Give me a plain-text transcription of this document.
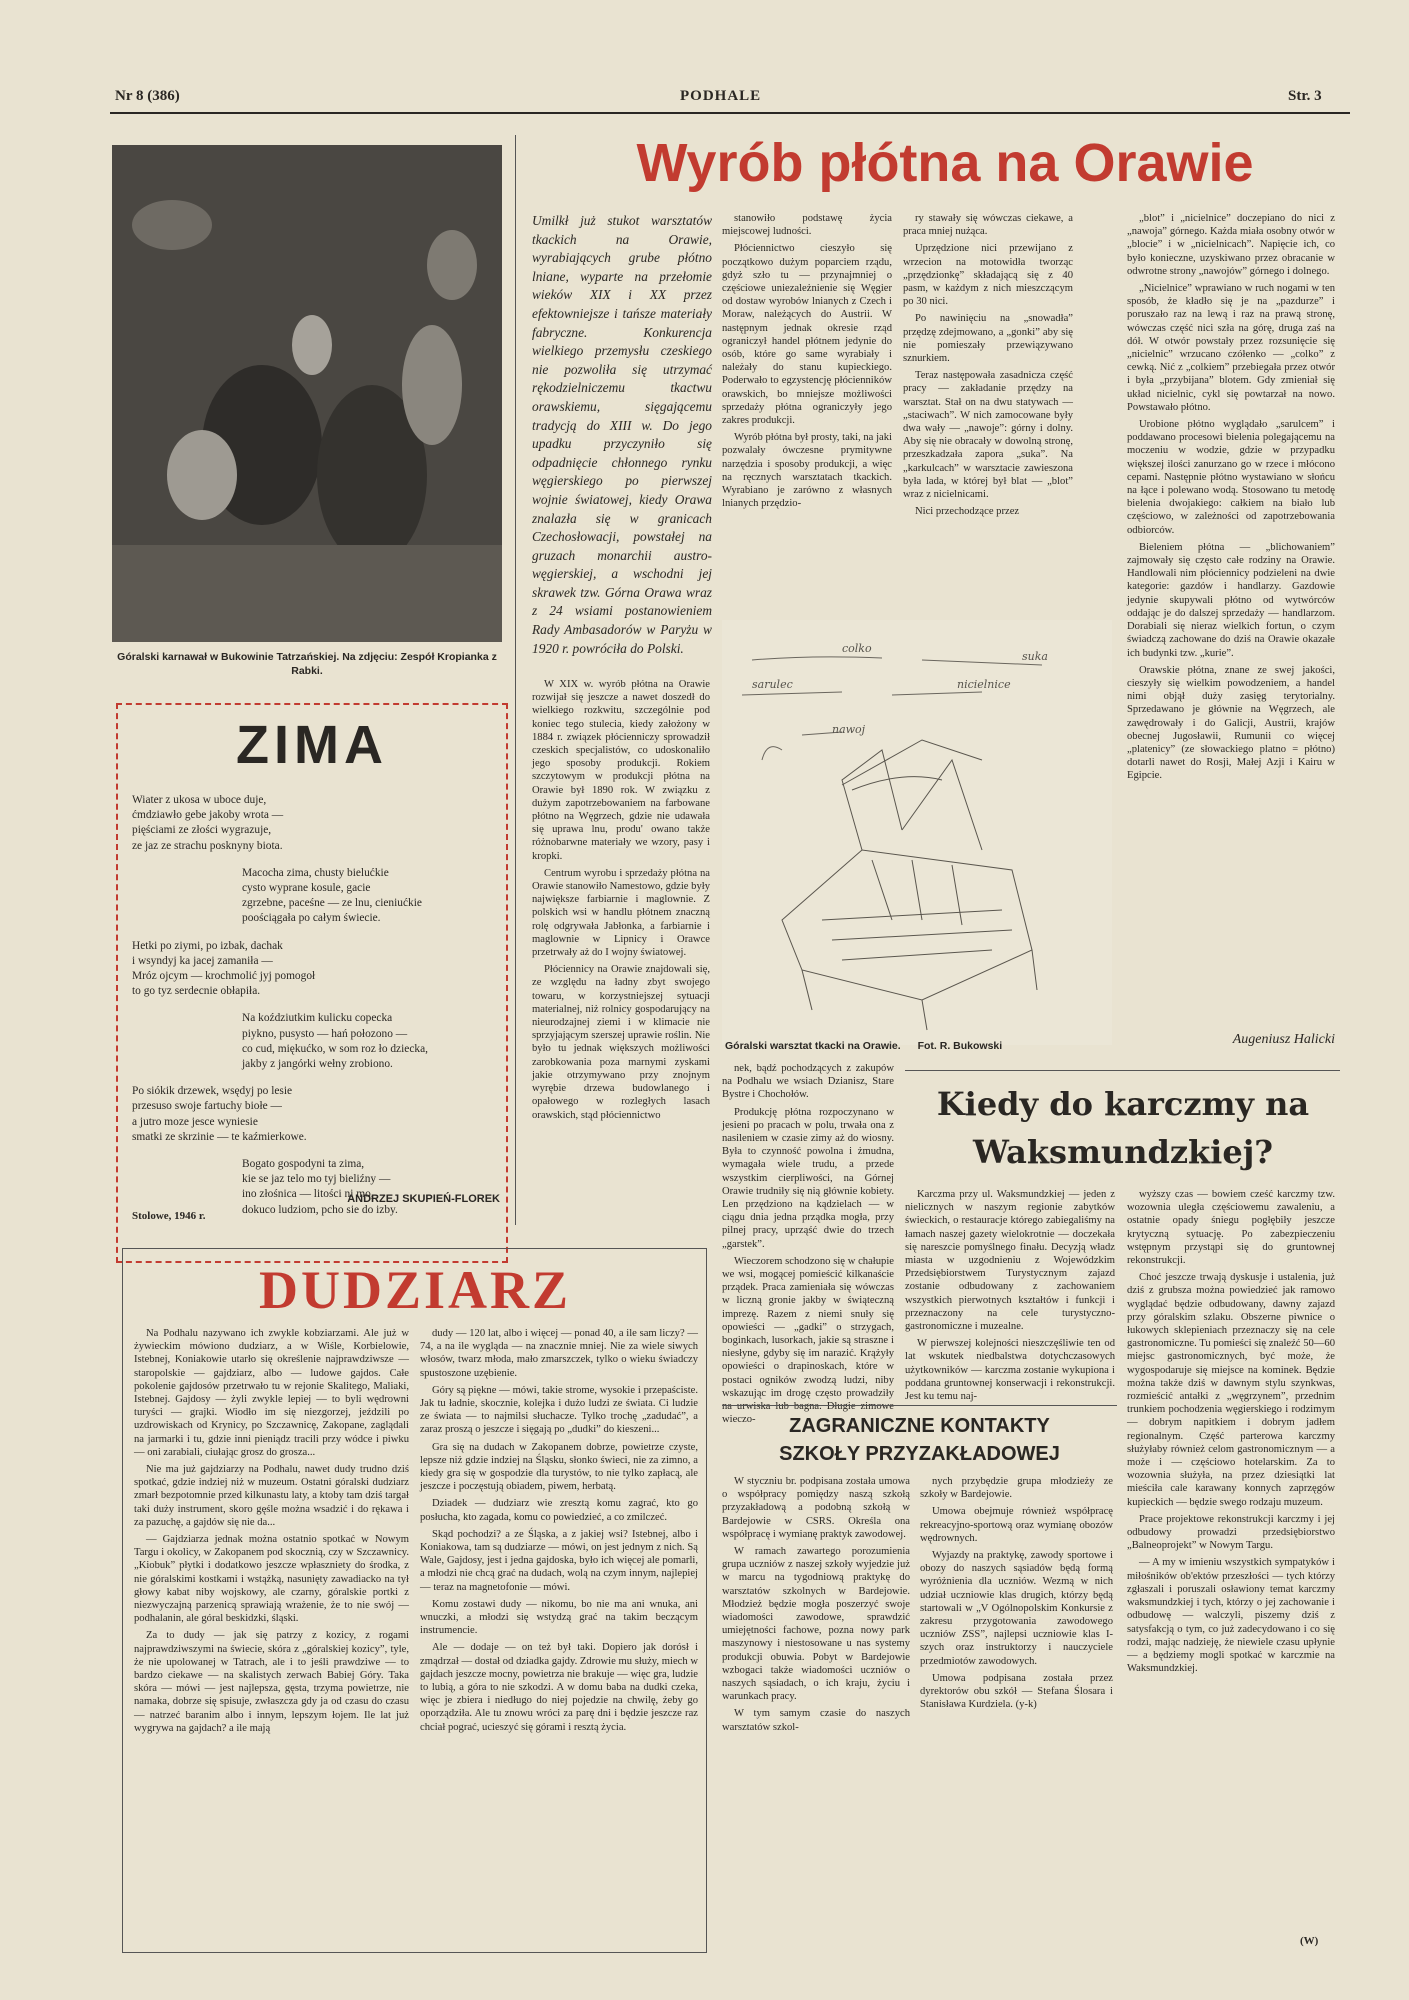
Nr 8 (386)	PODHALE	Str. 3
Góralski karnawał w Bukowinie Tatrzańskiej. Na zdjęciu: Zespół Kropianka z Rabki.
Wyrób płótna na Orawie
Umilkł już stukot warsztatów tkackich na Orawie, wyrabiających grube płótno lniane, wyparte na przełomie wieków XIX i XX przez efektowniejsze i tańsze materiały fabryczne. Konkurencja wielkiego przemysłu czeskiego nie pozwoliła się utrzymać rękodzielniczemu tkactwu orawskiemu, sięgającemu tradycją do XIII w. Do jego upadku przyczyniło się odpadnięcie chłonnego rynku węgierskiego po pierwszej wojnie światowej, kiedy Orawa znalazła się w granicach Czechosłowacji, powstałej na gruzach monarchii austro-węgierskiej, a wschodni jej skrawek tzw. Górna Orawa wraz z 24 wsiami postanowieniem Rady Ambasadorów w Paryżu w 1920 r. powróciła do Polski.

W XIX w. wyrób płótna na Orawie rozwijał się jeszcze a nawet doszedł do wielkiego rozkwitu, szczególnie pod koniec tego stulecia, kiedy założony w 1884 r. związek płócienniczy sprowadził czeskich specjalistów, co udoskonaliło jego sposoby produkcji. Rokiem szczytowym w produkcji płótna na Orawie był 1890 rok. W związku z dużym zapotrzebowaniem na farbowane płótno na Węgrzech, gdzie nie udawała się uprawa lnu, produ' owano także różnobarwne materiały we wzory, pasy i kropki.

Centrum wyrobu i sprzedaży płótna na Orawie stanowiło Namestowo, gdzie były największe farbiarnie i maglownie. Z polskich wsi w handlu płótnem znaczną rolę odgrywała Jabłonka, a farbiarnie i maglownie w Lipnicy i Orawce przetrwały aż do I wojny światowej.

Płóciennicy na Orawie znajdowali się, ze względu na ładny zbyt swojego towaru, w korzystniejszej sytuacji materialnej, niż rolnicy gospodarujący na nieurodzajnej ziemi i w klimacie nie sprzyjającym szerszej uprawie roślin. Nie było tu jednak większych możliwości zarobkowania poza marnymi zyskami jakie otrzymywano przy znojnym wyrębie drzewa budowlanego i opałowego w rozległych lasach orawskich, stąd płóciennictwo

stanowiło podstawę życia miejscowej ludności.

Płóciennictwo cieszyło się początkowo dużym poparciem rządu, gdyż szło tu — przynajmniej o częściowe uniezależnienie się Węgier od dostaw wyrobów lnianych z Czech i Moraw, należących do Austrii. W następnym jednak okresie rząd ograniczył handel płótnem jedynie do osób, które go same wyrabiały i należały do stanu kupieckiego. Poderwało to egzystencję płócienników orawskich, bo mniejsze możliwości sprzedaży płótna ograniczyły jego zakres produkcji.

Wyrób płótna był prosty, taki, na jaki pozwalały ówczesne prymitywne narzędzia i sposoby produkcji, a więc na ręcznych warsztatach tkackich. Wyrabiano je zarówno z własnych lnianych przędzio-

ry stawały się wówczas ciekawe, a praca mniej nużąca.

Uprzędzione nici przewijano z wrzecion na motowidła tworząc „przędzionkę” składającą się z 40 pasm, w każdym z nich mieszczącym po 30 nici.

Po nawinięciu na „snowadła” przędzę zdejmowano, a „gonki” aby się nie pomieszały przewiązywano sznurkiem.

Teraz następowała zasadnicza część pracy — zakładanie przędzy na warsztat. Stał on na dwu statywach — „staciwach”. W nich zamocowane były dwa wały — „nawoje”: górny i dolny. Aby się nie obracały w dowolną stronę, przeszkadzała zapora „suka”. Na „karkulcach” w warsztacie zawieszona była lada, w której był blat — „blot” wraz z nicielnicami.

Nici przechodzące przez

„blot” i „nicielnice” doczepiano do nici z „nawoja” górnego. Każda miała osobny otwór w „blocie” i w „nicielnicach”. Napięcie ich, co było konieczne, uzyskiwano przez obracanie w odwrotne strony „nawojów” górnego i dolnego.

„Nicielnice” wprawiano w ruch nogami w ten sposób, że kładło się je na „pazdurze” i poruszało raz na lewą i raz na prawą stronę, wówczas część nici szła na górę, druga zaś na dół. W otwór powstały przez rozsunięcie się „nicielnic” wrzucano czółenko — „colko” z cewką. Nić z „colkiem” przebiegała przez otwór i była „przybijana” blotem. Gdy zmieniał się układ nicielnic, cykl się powtarzał na nowo. Powstawało płótno.

Urobione płótno wyglądało „sarulcem” i poddawano procesowi bielenia polegającemu na moczeniu w wodzie, gdzie w przypadku większej ilości zanurzano go w rzece i młócono cepami. Następnie płótno wystawiano w słońcu na łące i polewano wodą. Stosowano tu metodę bielenia dwojakiego: całkiem na biało lub częściowo, w zależności od zapotrzebowania odbiorców.

Bieleniem płótna — „blichowaniem” zajmowały się często całe rodziny na Orawie. Handlowali nim płóciennicy podzieleni na dwie kategorie: gazdów i handlarzy. Gazdowie jedynie skupywali płótno od wytwórców oddając je do dalszej sprzedaży — handlarzom. Dorabiali się nieraz wielkich fortun, o czym świadczą zachowane do dziś na Orawie okazałe ich budynki tzw. „kurie”.

Orawskie płótna, znane ze swej jakości, cieszyły się wielkim powodzeniem, a handel nimi objął duży zasięg terytorialny. Sprzedawano je głównie na Węgrzech, ale zawędrowały i do Galicji, Austrii, krajów obecnej Jugosławii, Rumunii co więcej „platenicy” (ze słowackiego platno = płótno) dotarli nawet do Rosji, Małej Azji i Kairu w Egipcie.

Augeniusz Halicki
colko
suka
sarulec	nicielnice
nawoj
Góralski warsztat tkacki na Orawie. Fot. R. Bukowski
ZIMA
Wiater z ukosa w uboce duje,
ćmdziawło gebe jakoby wrota —
pięściami ze złości wygrazuje,
ze jaz ze strachu posknyny biota.
Macocha zima, chusty bielućkie
cysto wyprane kosule, gacie
zgrzebne, paceśne — ze lnu, cieniućkie
poościągała po całym świecie.
Hetki po ziymi, po izbak, dachak
i wsyndyj ka jacej zamaniła —
Mróz ojcym — krochmolić jyj pomogoł
to go tyz serdecnie obłapiła.
Na koździutkim kulicku copecka
piykno, pusysto — hań połozono —
co cud, miękućko, w som roz ło dziecka,
jakby z jangórki wełny zrobiono.
Po siókik drzewek, wsędyj po lesie
przesuso swoje fartuchy biołe —
a jutro moze jesce wyniesie
smatki ze skrzinie — te kaźmierkowe.
Bogato gospodyni ta zima,
kie se jaz telo mo tyj bieliźny —
ino złośnica — litości ni mo,
dokuco ludziom, pcho sie do izby.
Stolowe, 1946 r.
ANDRZEJ SKUPIEŃ-FLOREK

nek, bądź pochodzących z zakupów na Podhalu we wsiach Dzianisz, Stare Bystre i Chochołów.

Produkcję płótna rozpoczynano w jesieni po pracach w polu, trwała ona z nasileniem w czasie zimy aż do wiosny. Była to czynność powolna i żmudna, wymagała wiele trudu, a przede wszystkim cierpliwości, na Górnej Orawie trudniły się nią głównie kobiety. Len przędziono na kądzielach — w ciągu dnia jedna prządka mogła, przy pilnej pracy, uprząść dwie do trzech „garstek”.

Wieczorem schodzono się w chałupie we wsi, mogącej pomieścić kilkanaście prządek. Praca zamieniała się wówczas w liczną gronie jakby w świąteczną imprezę. Razem z niemi snuły się opowieści — „gadki” o strzygach, boginkach, lusorkach, jakie są straszne i niesłyne, gdyby się im narazić. Krążyły opowieści o drapinoskach, które w postaci ogników zwodzą ludzi, niby wskazując im drogę często prowadziły na urwiska lub bagna. Długie zimowe wieczo-

DUDZIARZ

Na Podhalu nazywano ich zwykle kobziarzami. Ale już w żywieckim mówiono dudziarz, a w Wiśle, Korbielowie, Istebnej, Koniakowie utarło się określenie najprawdziwsze — staropolskie — gajdziarz, albo — ludowe gajdos. Całe pokolenie gajdosów przetrwało tu w rejonie Skalitego, Maliaki, Istebnej. Gajdosy — żyli zwykle lepiej — to byli wędrowni turyści — grajki. Wiodło im się niezgorzej, jeździli po uzdrowiskach od Krynicy, po Szczawnicę, Zakopane, zaglądali na jarmarki i tu, gdzie inni pieniądz tracili przy wódce i piwku — oni zarabiali, ciułając grosz do grosza...

Nie ma już gajdziarzy na Podhalu, nawet dudy trudno dziś spotkać, gdzie indziej niż w muzeum. Ostatni góralski dudziarz zmarł bezpotomnie przed kilkunastu laty, a ktoby tam dziś targał taki duży instrument, skoro gęśle można wsadzić i do rękawa i za pazuchę, a gajdów się nie da...

— Gajdziarza jednak można ostatnio spotkać w Nowym Targu i okolicy, w Zakopanem pod skocznią, czy w Szczawnicy. „Kiobuk” płytki i dodatkowo jeszcze wpłaszniety do środka, z nie góralskimi kostkami i wstążką, nasunięty zawadiacko na tył głowy kabat niby wojskowy, ale czarny, góralskie portki z niezwyczajną parzenicą sprawiają wrażenie, że to nie swój — podhalanin, ale góral beskidzki, śląski.

Za to dudy — jak się patrzy z kozicy, z rogami najprawdziwszymi na świecie, skóra z „góralskiej kozicy”, tyle, że nie upolowanej w Tatrach, ale i to jeśli prawdziwe — to bardzo ciekawe — na skalistych zerwach Babiej Góry. Taka skóra — mówi — jest najlepsza, gęsta, trzyma powietrze, nie namaka, dobrze się spisuje, zwłaszcza gdy ja od czasu do czasu — natrzeć baranim albo i innym, lepszym łojem. Ile lat już wygrywa na gajdach? a ile mają

dudy — 120 lat, albo i więcej — ponad 40, a ile sam liczy? — 74, a na ile wygląda — na znacznie mniej. Nie za wiele siwych włosów, twarz młoda, mało zmarszczek, tylko o wieku świadczy spustoszone uzębienie.

Góry są piękne — mówi, takie strome, wysokie i przepaściste. Jak tu ładnie, skocznie, kolejka i dużo ludzi ze świata. Ci ludzie ze świata — to najmilsi słuchacze. Tylko trochę „zadudać”, a zaraz proszą o jeszcze i sięgają po „dudki” do kieszeni...

Gra się na dudach w Zakopanem dobrze, powietrze czyste, lepsze niż gdzie indziej na Śląsku, słonko świeci, nie za zimno, a kiedy gra się w gospodzie dla turystów, to nie tylko zapłacą, ale jeszcze i poczęstują obiadem, piwem, herbatą.

Dziadek — dudziarz wie zresztą komu zagrać, kto go posłucha, kto zagada, komu co powiedzieć, a co zmilczeć.

Skąd pochodzi? a ze Śląska, a z jakiej wsi? Istebnej, albo i Koniakowa, tam są dudziarze — mówi, on jest jednym z nich. Są Wale, Gajdosy, jest i jedna gajdoska, było ich więcej ale pomarli, a młodzi nie chcą grać na dudach, wolą na czym innym, najlepiej — teraz na magnetofonie — mówi.

Komu zostawi dudy — nikomu, bo nie ma ani wnuka, ani wnuczki, a młodzi się wstydzą grać na takim beczącym instrumencie.

Ale — dodaje — on też był taki. Dopiero jak dorósł i zmądrzał — dostał od dziadka gajdy. Zdrowie mu służy, miech w gajdach jeszcze mocny, powietrza nie brakuje — więc gra, ludzie to lubią, a góra to nie szkodzi. A w domu baba na dudki czeka, więc je zbiera i niedługo do niej pojedzie na chwilę, żeby go oporządziła. Ale tu znowu wróci za parę dni i będzie jeszcze raz chciał pograć, ucieszyć się górami i resztą życia.

Kiedy do karczmy na Waksmundzkiej?

Karczma przy ul. Waksmundzkiej — jeden z nielicznych w naszym regionie zabytków świeckich, o restauracje którego zabiegaliśmy na łamach naszej gazety wielokrotnie — doczekała się nareszcie pomyślnego finału. Decyzją władz miasta w uzgodnieniu z Wojewódzkim Przedsiębiorstwem Turystycznym zajazd zostanie odbudowany z zachowaniem wszystkich pierwotnych kształtów i funkcji i przeznaczony na cele turystyczno-gastronomiczne i muzealne.

W pierwszej kolejności nieszczęśliwie ten od lat wskutek niedbalstwa dotychczasowych użytkowników — karczma zostanie wykupiona i poddana gruntownej konserwacji i rekonstrukcji. Jest ku temu naj-

wyższy czas — bowiem cześć karczmy tzw. wozownia uległa częściowemu zawaleniu, a ostatnie opady śniegu pogłębiły jeszcze krytyczną sytuację. Po zabezpieczeniu wstępnym przystąpi się do gruntownej rekonstrukcji.

Choć jeszcze trwają dyskusje i ustalenia, już dziś z grubsza można powiedzieć jak ramowo wyglądać będzie odbudowany, dawny zajazd przy góralskim szlaku. Obszerne piwnice o łukowych sklepieniach przeznaczy się na cele gastronomiczne. Tu pomieści się znaleźć 50—60 miejsc gastronomicznych, być może, że wygospodaruje się miejsce na kominek. Będzie można także dziś w dawnym stylu szynkwas, rozmieścić antałki z „węgrzynem”, przednim trunkiem pochodzenia węgierskiego i rodzimym — dobrym napitkiem i dobrym jadłem regionalnym. Część parterowa karczmy służyłaby również celom gastronomicznym — a może i — częściowo hotelarskim. Za to wozownia służyła, na przez dziesiątki lat mieściła cale karawany konnych zaprzęgów kupieckich — będzie swego rodzaju muzeum.

Prace projektowe rekonstrukcji karczmy i jej odbudowy prowadzi przedsiębiorstwo „Balneoprojekt” w Nowym Targu.

— A my w imieniu wszystkich sympatyków i miłośników ob'ektów przeszłości — tych którzy zgłaszali i poruszali osławiony temat karczmy waksmundzkiej i tych, którzy o jej zachowanie i odbudowę — walczyli, piszemy dziś z satysfakcją o tym, co już zadecydowano i co się rodzi, mając nadzieję, że niewiele czasu upłynie — a będziemy mogli spotkać w karczmie na Waksmundzkiej.

(W)
ZAGRANICZNE KONTAKTY
SZKOŁY PRZYZAKŁADOWEJ

W styczniu br. podpisana została umowa o współpracy pomiędzy naszą szkołą przyzakładową a podobną szkołą w Bardejowie w CSRS. Określa ona współpracę i wymianę praktyk zawodowej.

W ramach zawartego porozumienia grupa uczniów z naszej szkoły wyjedzie już w marcu na tygodniową praktykę do warsztatów szkolnych w Bardejowie. Młodzież będzie mogła poszerzyć swoje wiadomości zawodowe, sprawdzić umiejętności fachowe, pozna nowy park maszynowy i niestosowane u nas systemy produkcji obuwia. Pobyt w Bardejowie wzbogaci także wiadomości uczniów o naszych sąsiadach, o ich kraju, życiu i warunkach pracy.

W tym samym czasie do naszych warsztatów szkol-

nych przybędzie grupa młodzieży ze szkoły w Bardejowie.

Umowa obejmuje również współpracę rekreacyjno-sportową oraz wymianę obozów wędrownych.

Wyjazdy na praktykę, zawody sportowe i obozy do naszych sąsiadów będą formą wyróżnienia dla uczniów. Wezmą w nich udział uczniowie klas drugich, którzy będą startowali w „V Ogólnopolskim Konkursie z zakresu przygotowania zawodowego uczniów ZSS”, najlepsi uczniowie klas I-szych oraz instruktorzy i nauczyciele przedmiotów zawodowych.

Umowa podpisana została przez dyrektorów obu szkół — Stefana Ślosara i Stanisława Kurdziela. (y-k)
